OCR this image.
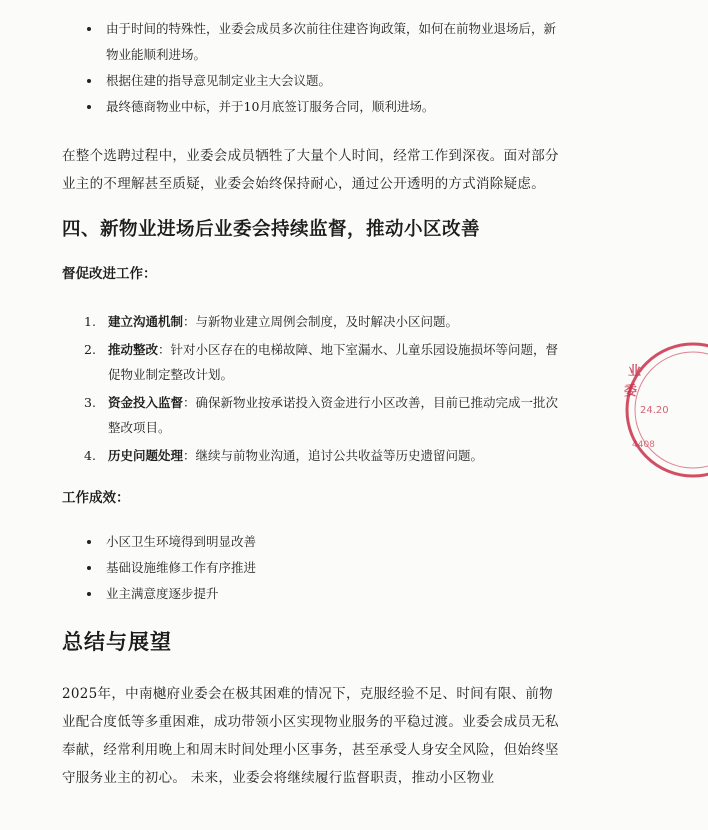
由于时间的特殊性，业委会成员多次前往住建咨询政策，如何在前物业退场后，新物业能顺利进场。
根据住建的指导意见制定业主大会议题。
最终德商物业中标，并于10月底签订服务合同，顺利进场。

在整个选聘过程中，业委会成员牺牲了大量个人时间，经常工作到深夜。面对部分业主的不理解甚至质疑，业委会始终保持耐心，通过公开透明的方式消除疑虑。

四、新物业进场后业委会持续监督，推动小区改善
督促改进工作：
1. 建立沟通机制：与新物业建立周例会制度，及时解决小区问题。
2. 推动整改：针对小区存在的电梯故障、地下室漏水、儿童乐园设施损坏等问题，督促物业制定整改计划。
3. 资金投入监督：确保新物业按承诺投入资金进行小区改善，目前已推动完成一批次整改项目。
4. 历史问题处理：继续与前物业沟通，追讨公共收益等历史遗留问题。
工作成效：
小区卫生环境得到明显改善
基础设施维修工作有序推进
业主满意度逐步提升
总结与展望

2025年，中南樾府业委会在极其困难的情况下，克服经验不足、时间有限、前物业配合度低等多重困难，成功带领小区实现物业服务的平稳过渡。业委会成员无私奉献，经常利用晚上和周末时间处理小区事务，甚至承受人身安全风险，但始终坚守服务业主的初心。 未来，业委会将继续履行监督职责，推动小区物业

业
委
24.20
4408
